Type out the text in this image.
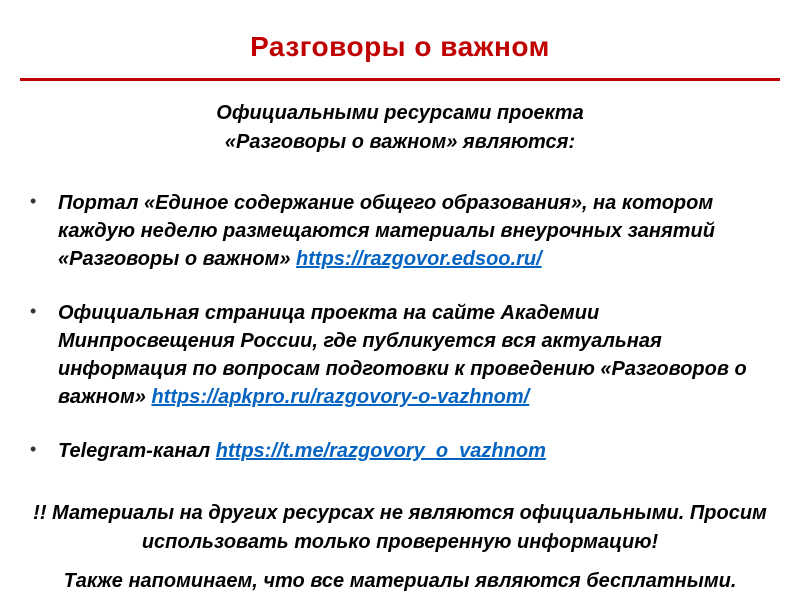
Разговоры о важном
Официальными ресурсами проекта
«Разговоры о важном» являются:
•	Портал «Единое содержание общего образования», на котором каждую неделю размещаются материалы внеурочных занятий «Разговоры о важном» https://razgovor.edsoo.ru/
•	Официальная страница проекта на сайте Академии Минпросвещения России, где публикуется вся актуальная информация по вопросам подготовки к проведению «Разговоров о важном» https://apkpro.ru/razgovory-o-vazhnom/
•	Telegram-канал https://t.me/razgovory_o_vazhnom

!! Материалы на других ресурсах не являются официальными. Просим использовать только проверенную информацию!

Также напоминаем, что все материалы являются бесплатными.
